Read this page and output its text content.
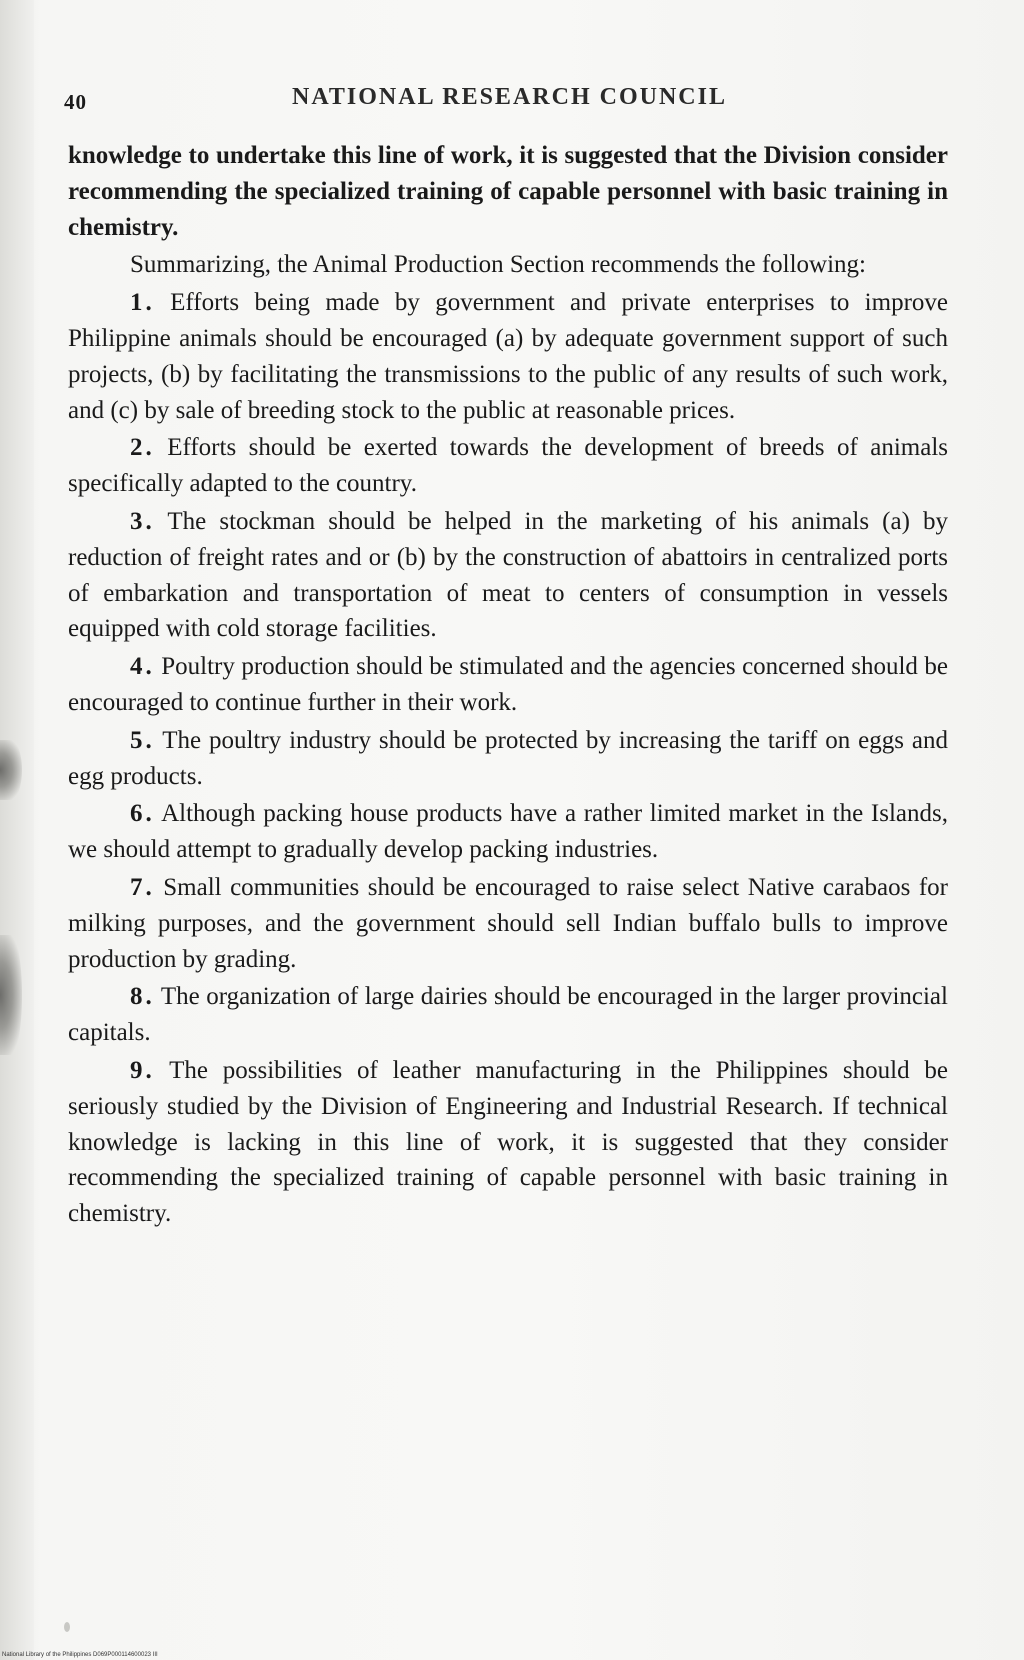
40	NATIONAL RESEARCH COUNCIL

knowledge to undertake this line of work, it is suggested that the Division consider recommending the specialized training of capable personnel with basic training in chemistry.

Summarizing, the Animal Production Section recommends the following:

1. Efforts being made by government and private enterprises to improve Philippine animals should be encouraged (a) by adequate government support of such projects, (b) by facilitating the transmissions to the public of any results of such work, and (c) by sale of breeding stock to the public at reasonable prices.

2. Efforts should be exerted towards the development of breeds of animals specifically adapted to the country.

3. The stockman should be helped in the marketing of his animals (a) by reduction of freight rates and or (b) by the construction of abattoirs in centralized ports of embarkation and transportation of meat to centers of consumption in vessels equipped with cold storage facilities.

4. Poultry production should be stimulated and the agencies concerned should be encouraged to continue further in their work.

5. The poultry industry should be protected by increasing the tariff on eggs and egg products.

6. Although packing house products have a rather limited market in the Islands, we should attempt to gradually develop packing industries.

7. Small communities should be encouraged to raise select Native carabaos for milking purposes, and the government should sell Indian buffalo bulls to improve production by grading.

8. The organization of large dairies should be encouraged in the larger provincial capitals.

9. The possibilities of leather manufacturing in the Philippines should be seriously studied by the Division of Engineering and Industrial Research. If technical knowledge is lacking in this line of work, it is suggested that they consider recommending the specialized training of capable personnel with basic training in chemistry.

National Library of the Philippines D069P000114600023 III
